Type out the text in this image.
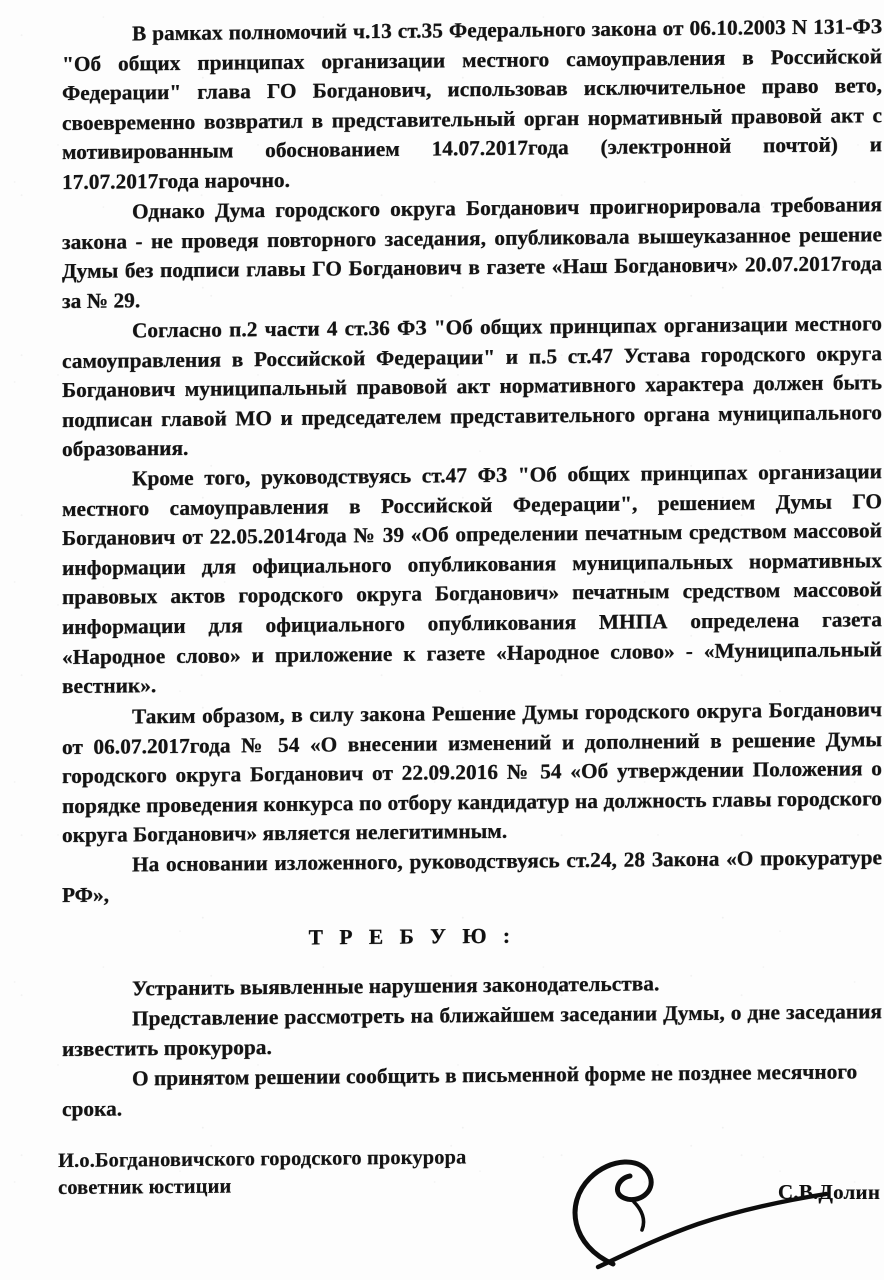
В рамках полномочий ч.13 ст.35 Федерального закона от 06.10.2003 N 131-ФЗ "Об общих принципах организации местного самоуправления в Российской Федерации" глава ГО Богданович, использовав исключительное право вето, своевременно возвратил в представительный орган нормативный правовой акт с мотивированным обоснованием 14.07.2017года (электронной почтой) и 17.07.2017года нарочно.

Однако Дума городского округа Богданович проигнорировала требования закона - не проведя повторного заседания, опубликовала вышеуказанное решение Думы без подписи главы ГО Богданович в газете «Наш Богданович» 20.07.2017года за № 29.

Согласно п.2 части 4 ст.36 ФЗ "Об общих принципах организации местного самоуправления в Российской Федерации" и п.5 ст.47 Устава городского округа Богданович муниципальный правовой акт нормативного характера должен быть подписан главой МО и председателем представительного органа муниципального образования.

Кроме того, руководствуясь ст.47 ФЗ "Об общих принципах организации местного самоуправления в Российской Федерации", решением Думы ГО Богданович от 22.05.2014года № 39 «Об определении печатным средством массовой информации для официального опубликования муниципальных нормативных правовых актов городского округа Богданович» печатным средством массовой информации для официального опубликования МНПА определена газета «Народное слово» и приложение к газете «Народное слово» - «Муниципальный вестник».

Таким образом, в силу закона Решение Думы городского округа Богданович от 06.07.2017года № 54 «О внесении изменений и дополнений в решение Думы городского округа Богданович от 22.09.2016 № 54 «Об утверждении Положения о порядке проведения конкурса по отбору кандидатур на должность главы городского округа Богданович» является нелегитимным.

На основании изложенного, руководствуясь ст.24, 28 Закона «О прокуратуре РФ»,

Т Р Е Б У Ю :

Устранить выявленные нарушения законодательства.

Представление рассмотреть на ближайшем заседании Думы, о дне заседания известить прокурора.

О принятом решении сообщить в письменной форме не позднее месячного срока.

И.о.Богдановичского городского прокурора
советник юстиции	С.В.Долин
